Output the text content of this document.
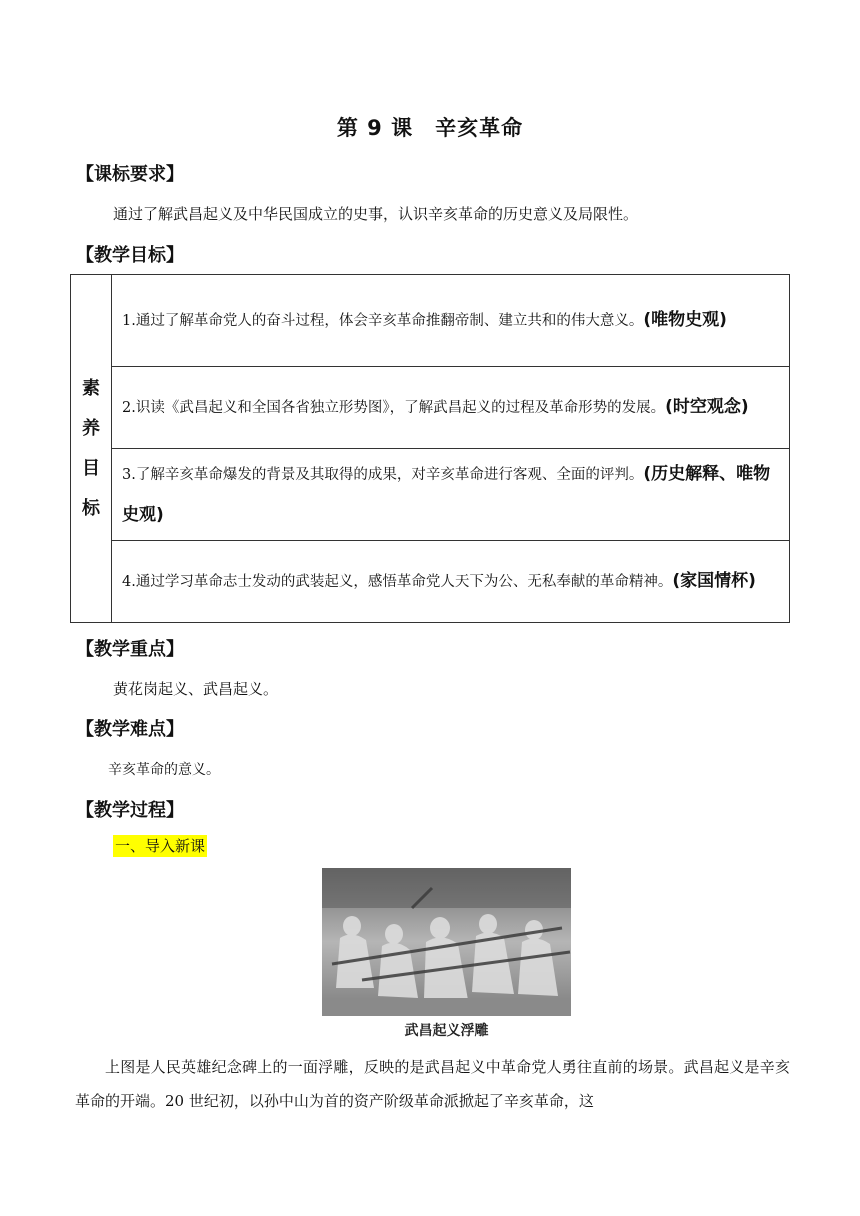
第 9 课　辛亥革命
【课标要求】
通过了解武昌起义及中华民国成立的史事，认识辛亥革命的历史意义及局限性。
【教学目标】
素
养
目
标
	1.通过了解革命党人的奋斗过程，体会辛亥革命推翻帝制、建立共和的伟大意义。(唯物史观)
2.识读《武昌起义和全国各省独立形势图》，了解武昌起义的过程及革命形势的发展。(时空观念)
3.了解辛亥革命爆发的背景及其取得的成果，对辛亥革命进行客观、全面的评判。(历史解释、唯物史观)
4.通过学习革命志士发动的武装起义，感悟革命党人天下为公、无私奉献的革命精神。(家国情杯)
【教学重点】
黄花岗起义、武昌起义。
【教学难点】
辛亥革命的意义。
【教学过程】
一、导入新课
武昌起义浮雕
上图是人民英雄纪念碑上的一面浮雕，反映的是武昌起义中革命党人勇往直前的场景。武昌起义是辛亥革命的开端。20 世纪初，以孙中山为首的资产阶级革命派掀起了辛亥革命，这
